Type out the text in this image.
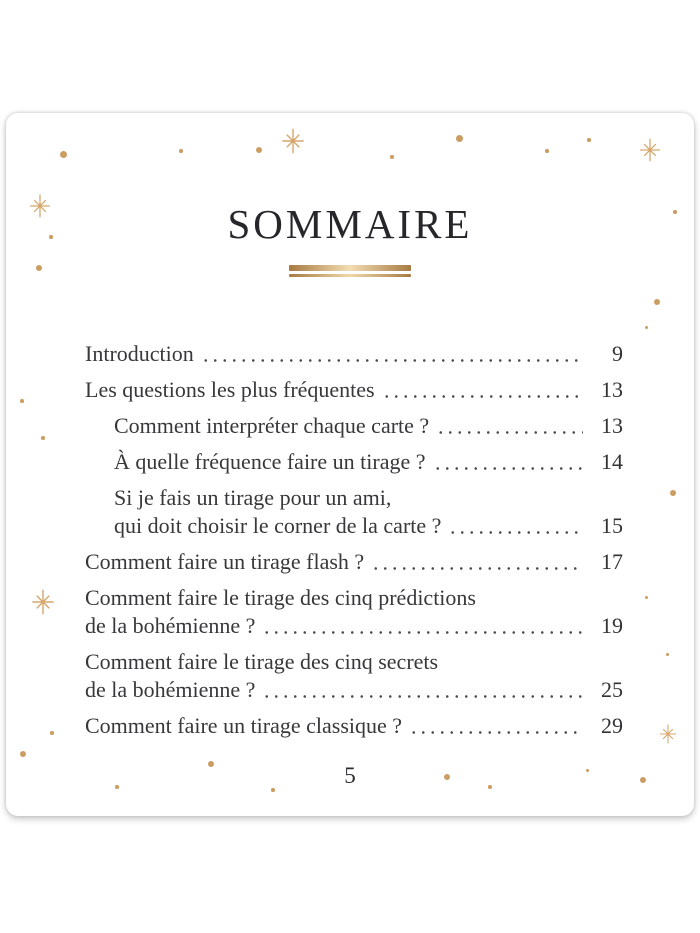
SOMMAIRE
Introduction	9
Les questions les plus fréquentes	13
Comment interpréter chaque carte ?	13
À quelle fréquence faire un tirage ?	14
Si je fais un tirage pour un ami,
qui doit choisir le corner de la carte ?	15
Comment faire un tirage flash ?	17
Comment faire le tirage des cinq prédictions
de la bohémienne ?	19
Comment faire le tirage des cinq secrets
de la bohémienne ?	25
Comment faire un tirage classique ?	29
5
